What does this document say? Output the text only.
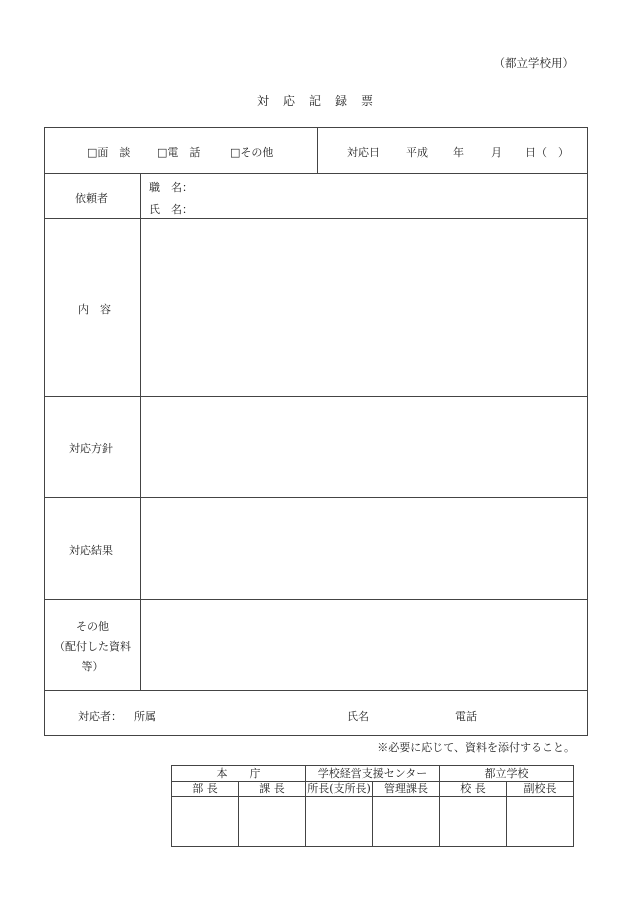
（都立学校用）
対応記録票
□面　談 □電　話	□その他	対応日 平成 年 月 日（　）
依頼者
職　名：
氏　名：
内　容
対応方針
対応結果
その他
（配付した資料
等）
対応者： 所属	氏名	電話
※必要に応じて、資料を添付すること。
本　　庁		学校経営支援センター		都立学校	
部 長	課 長	所長(支所長)	管理課長	校 長	副校長
